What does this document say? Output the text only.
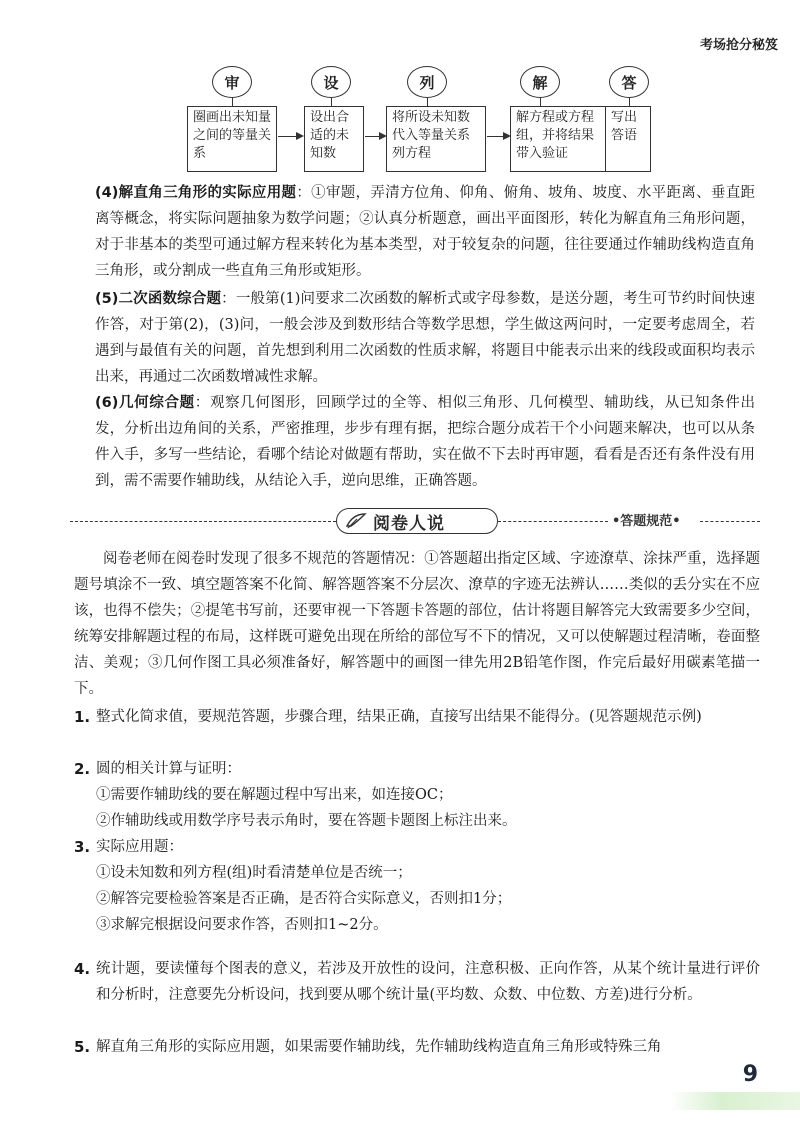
考场抢分秘笈
审
圈画出未知量之间的等量关系
设
设出合适的未知数
列
将所设未知数代入等量关系列方程
解
解方程或方程组，并将结果带入验证
答
写出答语
(4)解直角三角形的实际应用题：①审题，弄清方位角、仰角、俯角、坡角、坡度、水平距离、垂直距离等概念，将实际问题抽象为数学问题；②认真分析题意，画出平面图形，转化为解直角三角形问题，对于非基本的类型可通过解方程来转化为基本类型，对于较复杂的问题，往往要通过作辅助线构造直角三角形，或分割成一些直角三角形或矩形。
(5)二次函数综合题：一般第(1)问要求二次函数的解析式或字母参数，是送分题，考生可节约时间快速作答，对于第(2)，(3)问，一般会涉及到数形结合等数学思想，学生做这两问时，一定要考虑周全，若遇到与最值有关的问题，首先想到利用二次函数的性质求解，将题目中能表示出来的线段或面积均表示出来，再通过二次函数增减性求解。
(6)几何综合题：观察几何图形，回顾学过的全等、相似三角形、几何模型、辅助线，从已知条件出发，分析出边角间的关系，严密推理，步步有理有据，把综合题分成若干个小问题来解决，也可以从条件入手，多写一些结论，看哪个结论对做题有帮助，实在做不下去时再审题，看看是否还有条件没有用到，需不需要作辅助线，从结论入手，逆向思维，正确答题。
阅卷人说	•答题规范•
阅卷老师在阅卷时发现了很多不规范的答题情况：①答题超出指定区域、字迹潦草、涂抹严重，选择题题号填涂不一致、填空题答案不化简、解答题答案不分层次、潦草的字迹无法辨认……类似的丢分实在不应该，也得不偿失；②提笔书写前，还要审视一下答题卡答题的部位，估计将题目解答完大致需要多少空间，统筹安排解题过程的布局，这样既可避免出现在所给的部位写不下的情况，又可以使解题过程清晰，卷面整洁、美观；③几何作图工具必须准备好，解答题中的画图一律先用2B铅笔作图，作完后最好用碳素笔描一下。
1. 整式化简求值，要规范答题，步骤合理，结果正确，直接写出结果不能得分。(见答题规范示例)
2. 圆的相关计算与证明：
①需要作辅助线的要在解题过程中写出来，如连接OC；
②作辅助线或用数学序号表示角时，要在答题卡题图上标注出来。
3. 实际应用题：
①设未知数和列方程(组)时看清楚单位是否统一；
②解答完要检验答案是否正确，是否符合实际意义，否则扣1分；
③求解完根据设问要求作答，否则扣1~2分。
4. 统计题，要读懂每个图表的意义，若涉及开放性的设问，注意积极、正向作答，从某个统计量进行评价和分析时，注意要先分析设问，找到要从哪个统计量(平均数、众数、中位数、方差)进行分析。
5. 解直角三角形的实际应用题，如果需要作辅助线，先作辅助线构造直角三角形或特殊三角
9
